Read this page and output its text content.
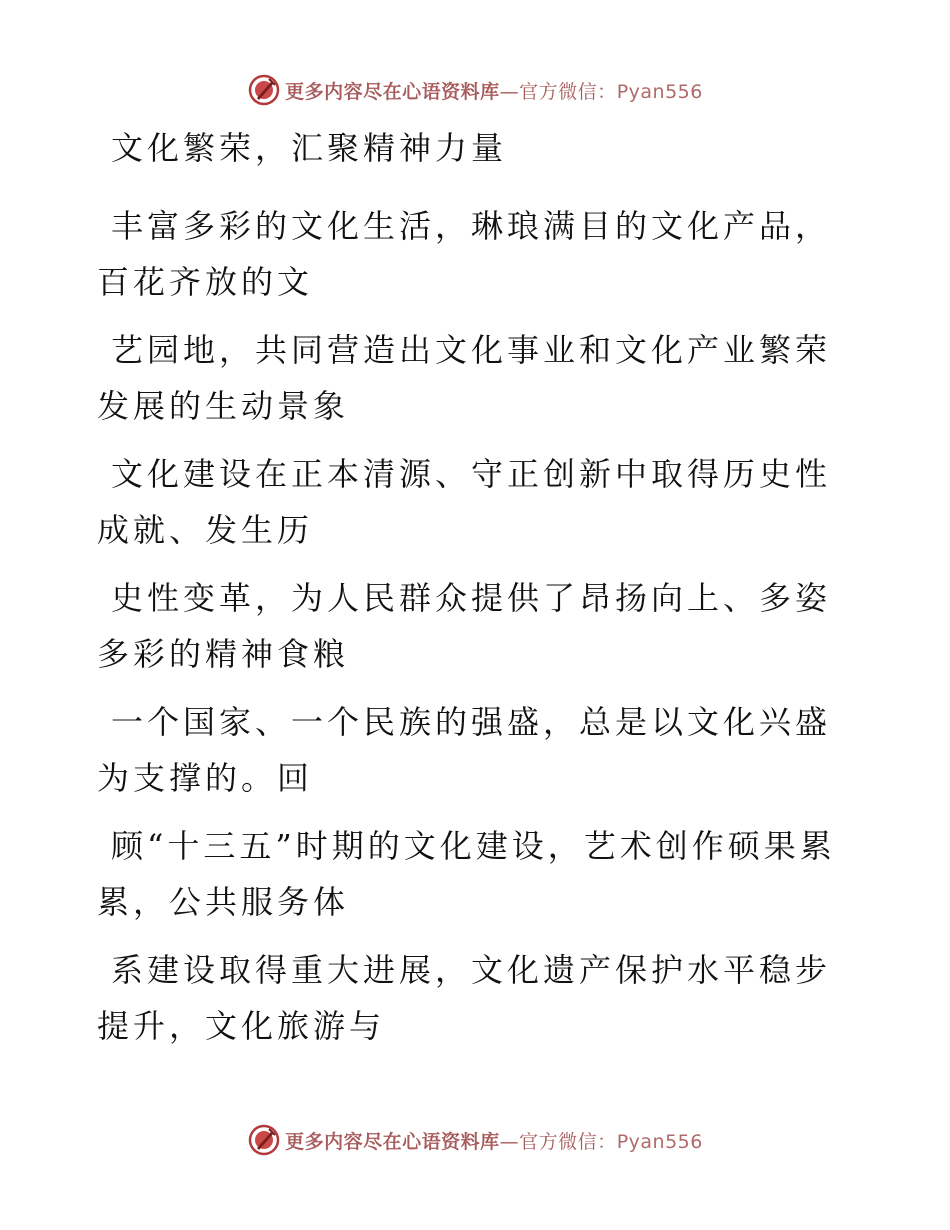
更多内容尽在心语资料库—官方微信：Pyan556

文化繁荣，汇聚精神力量

丰富多彩的文化生活，琳琅满目的文化产品，百花齐放的文

艺园地，共同营造出文化事业和文化产业繁荣发展的生动景象

文化建设在正本清源、守正创新中取得历史性成就、发生历

史性变革，为人民群众提供了昂扬向上、多姿多彩的精神食粮

一个国家、一个民族的强盛，总是以文化兴盛为支撑的。回

顾“十三五”时期的文化建设，艺术创作硕果累累，公共服务体

系建设取得重大进展，文化遗产保护水平稳步提升，文化旅游与

更多内容尽在心语资料库—官方微信：Pyan556
